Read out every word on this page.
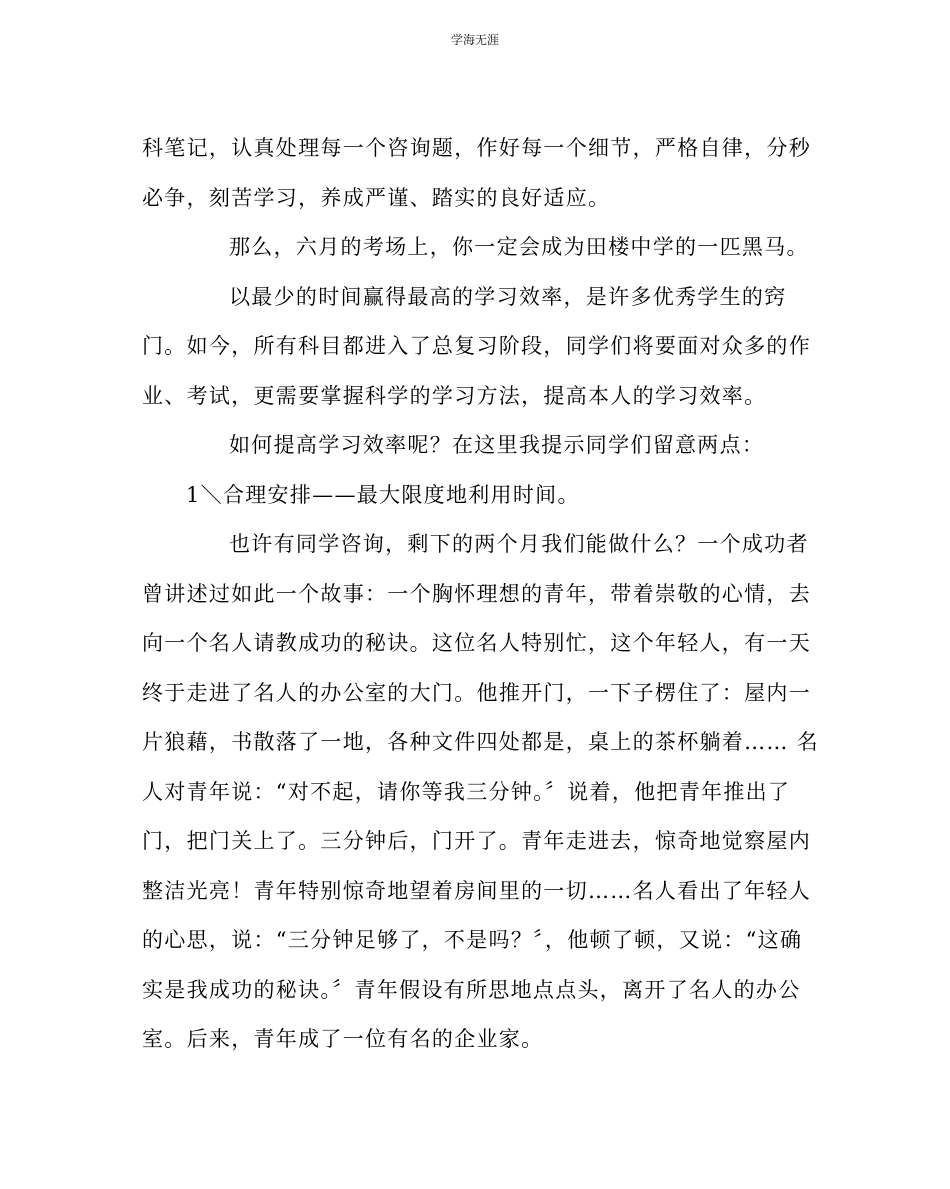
学海无涯
科笔记，认真处理每一个咨询题，作好每一个细节，严格自律，分秒
必争，刻苦学习，养成严谨、踏实的良好适应。
那么，六月的考场上，你一定会成为田楼中学的一匹黑马。
以最少的时间赢得最高的学习效率，是许多优秀学生的窍
门。如今，所有科目都进入了总复习阶段，同学们将要面对众多的作
业、考试，更需要掌握科学的学习方法，提高本人的学习效率。
如何提高学习效率呢？在这里我提示同学们留意两点：
1＼合理安排——最大限度地利用时间。
也许有同学咨询，剩下的两个月我们能做什么？一个成功者
曾讲述过如此一个故事：一个胸怀理想的青年，带着崇敬的心情，去
向一个名人请教成功的秘诀。这位名人特别忙，这个年轻人，有一天
终于走进了名人的办公室的大门。他推开门，一下子楞住了：屋内一
片狼藉，书散落了一地，各种文件四处都是，桌上的茶杯躺着…… 名
人对青年说：“对不起，请你等我三分钟。〞说着，他把青年推出了
门，把门关上了。三分钟后，门开了。青年走进去，惊奇地觉察屋内
整洁光亮！青年特别惊奇地望着房间里的一切……名人看出了年轻人
的心思，说：“三分钟足够了，不是吗？〞，他顿了顿，又说：“这确
实是我成功的秘诀。〞青年假设有所思地点点头，离开了名人的办公
室。后来，青年成了一位有名的企业家。
